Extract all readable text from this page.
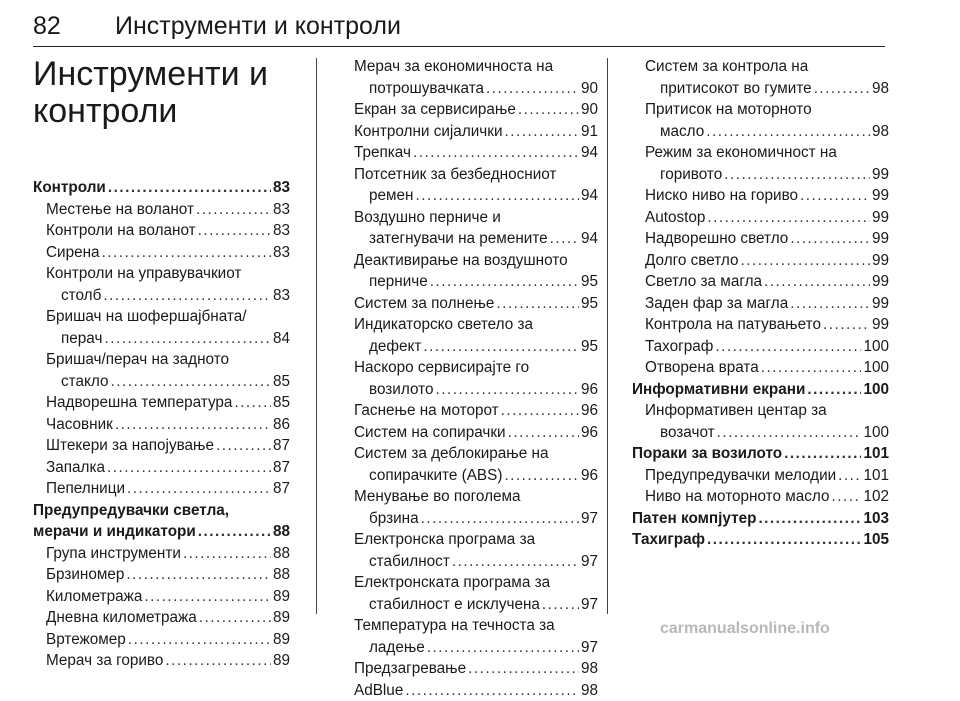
82 Инструменти и контроли
Инструменти и
контроли
Контроли .....	83
Местење на воланот .....	83
Контроли на воланот .....	83
Сирена .....	83
Контроли на управувачкиот
столб .....	83
Бришач на шофершајбната/
перач .....	84
Бришач/перач на задното
стакло .....	85
Надворешна температура .....	85
Часовник .....	86
Штекери за напојување .....	87
Запалка .....	87
Пепелници .....	87
Предупредувачки светла,
мерачи и индикатори .....	88
Група инструменти .....	88
Брзиномер .....	88
Километража .....	89
Дневна километража .....	89
Вртежомер .....	89
Мерач за гориво .....	89
Мерач за економичноста на
потрошувачката .....	90
Екран за сервисирање .....	90
Контролни сијалички .....	91
Трепкач .....	94
Потсетник за безбедносниот
ремен .....	94
Воздушно перниче и
затегнувачи на ремените ..... 94
Деактивирање на воздушното
перниче .....	95
Систем за полнење .....	95
Индикаторско светело за
дефект .....	95
Наскоро сервисирајте го
возилото .....	96
Гаснење на моторот .....	96
Систем на сопирачки .....	96
Систем за деблокирање на
сопирачките (ABS) .....	96
Менување во поголема
брзина .....	97
Електронска програма за
стабилност .....	97
Електронската програма за
стабилност е исклучена .....	97
Температура на течноста за
ладење .....	97
Предзагревање .....	98
AdBlue .....	98
Систем за контрола на
притисокот во гумите .....	98
Притисок на моторното
масло .....	98
Режим за економичност на
горивото .....	99
Ниско ниво на гориво .....	99
Autostop .....	99
Надворешно светло .....	99
Долго светло .....	99
Светло за магла .....	99
Заден фар за магла .....	99
Контрола на патувањето .....	99
Тахограф .....	100
Отворена врата .....	100
Информативни екрани .....	100
Информативен центар за
возачот .....	100
Пораки за возилото .....	101
Предупредувачки мелодии ..... 101
Ниво на моторното масло ..... 102
Патен компјутер .....	103
Тахиграф .....	105
carmanualsonline.info
